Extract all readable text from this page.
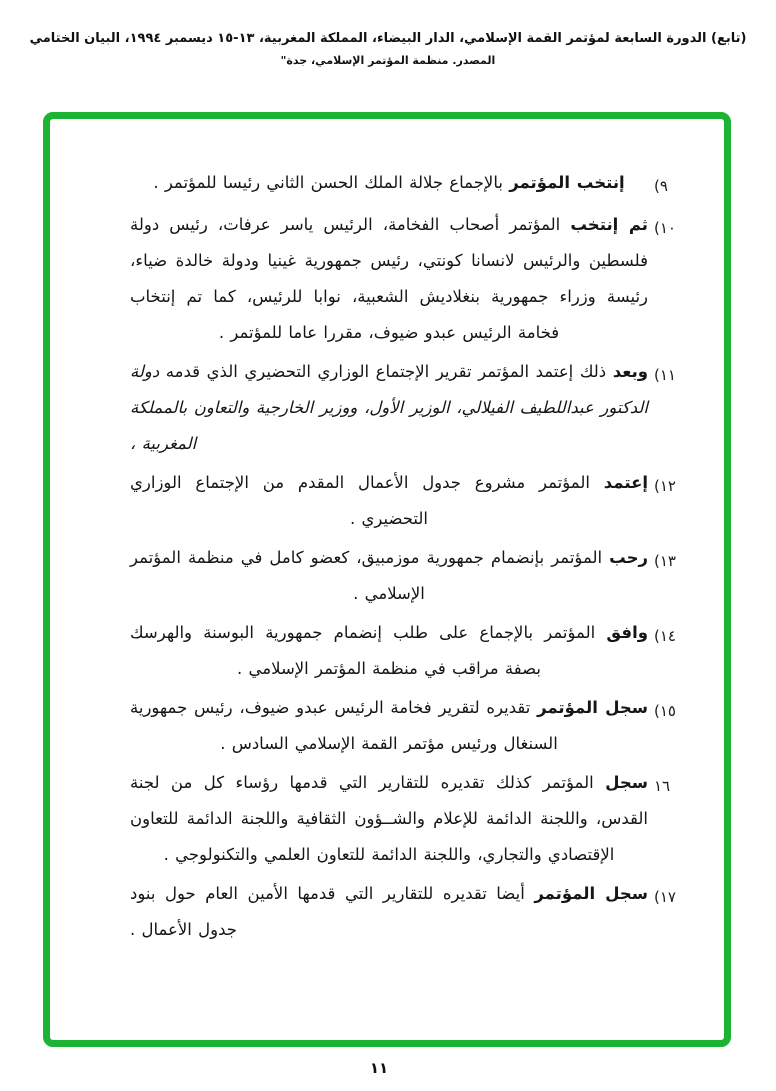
(تابع) الدورة السابعة لمؤتمر القمة الإسلامي، الدار البيضاء، المملكة المغربية، ١٣-١٥ ديسمبر ١٩٩٤، البيان الختامي
المصدر. منظمة المؤتمر الإسلامي، جدة"
(٩

إنتخب المؤتمر بالإجماع جلالة الملك الحسن الثاني رئيسا للمؤتمر .

(١٠

ثم إنتخب المؤتمر أصحاب الفخامة، الرئيس ياسر عرفات، رئيس دولة فلسطين والرئيس لانسانا كونتي، رئيس جمهورية غينيا ودولة خالدة ضياء، رئيسة وزراء جمهورية بنغلاديش الشعبية، نوابا للرئيس، كما تم إنتخاب فخامة الرئيس عبدو ضيوف، مقررا عاما للمؤتمر .

(١١

وبعد ذلك إعتمد المؤتمر تقرير الإجتماع الوزاري التحضيري الذي قدمه دولة الدكتور عبداللطيف الفيلالي، الوزير الأول، ووزير الخارجية والتعاون بالمملكة المغربية ،

(١٢

إعتمد المؤتمر مشروع جدول الأعمال المقدم من الإجتماع الوزاري التحضيري .

(١٣

رحب المؤتمر بإنضمام جمهورية موزمبيق، كعضو كامل في منظمة المؤتمر الإسلامي .

(١٤

وافق المؤتمر بالإجماع على طلب إنضمام جمهورية البوسنة والهرسك بصفة مراقب في منظمة المؤتمر الإسلامي .

(١٥

سجل المؤتمر تقديره لتقرير فخامة الرئيس عبدو ضيوف، رئيس جمهورية السنغال ورئيس مؤتمر القمة الإسلامي السادس .

١٦

سجل المؤتمر كذلك تقديره للتقارير التي قدمها رؤساء كل من لجنة القدس، واللجنة الدائمة للإعلام والشــؤون الثقافية واللجنة الدائمة للتعاون الإقتصادي والتجاري، واللجنة الدائمة للتعاون العلمي والتكنولوجي .

(١٧

سجل المؤتمر أيضا تقديره للتقارير التي قدمها الأمين العام حول بنود جدول الأعمال .

١١
